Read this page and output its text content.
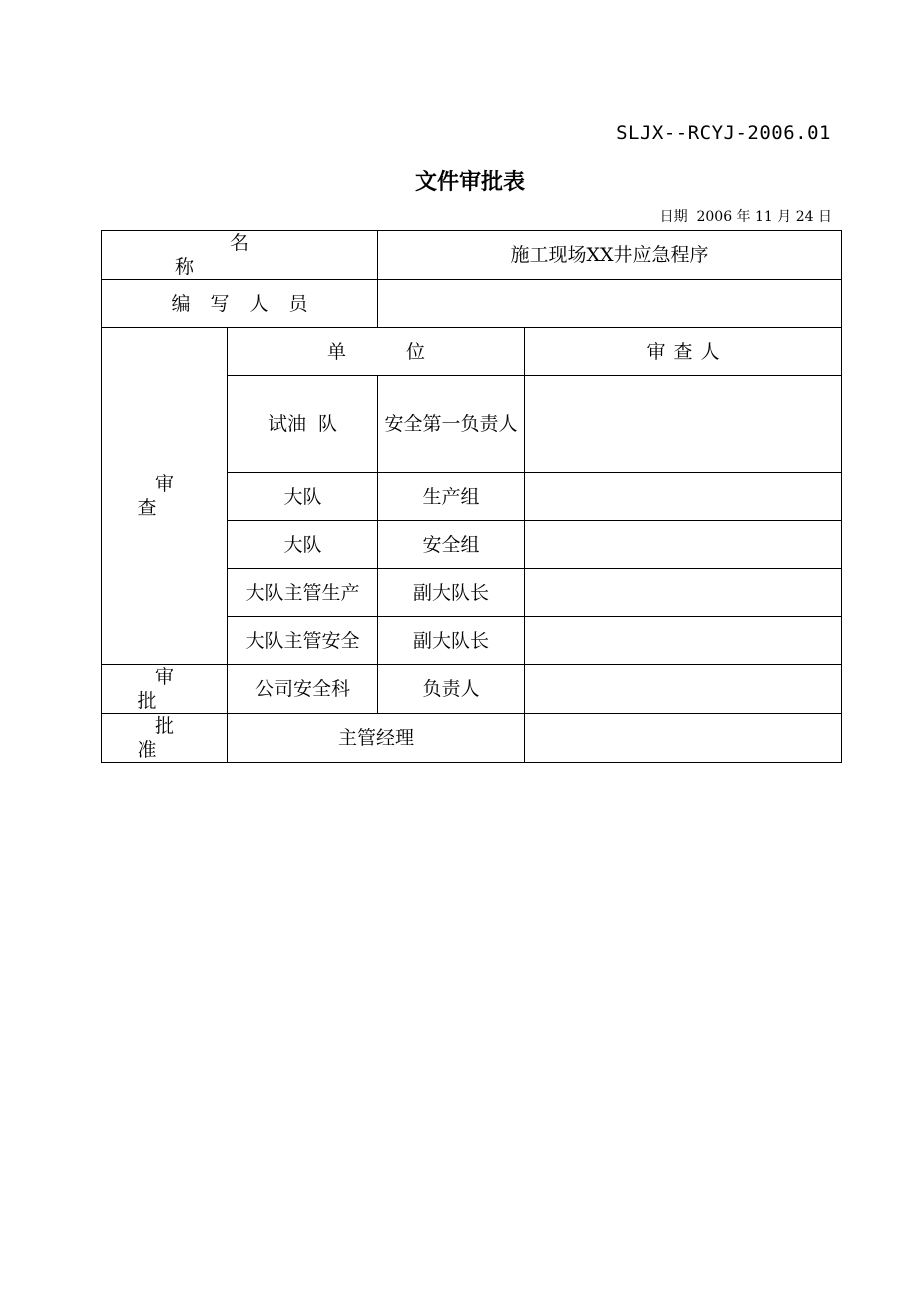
SLJX--RCYJ-2006.01
文件审批表
日期  2006 年 11 月 24 日
名称		施工现场XX井应急程序	
编写人员			
审查	单位		审查人
	试油  队	安全第一负责人	
	大队	生产组	
	大队	安全组	
	大队主管生产	副大队长	
	大队主管安全	副大队长	
审批	公司安全科	负责人	
批准	主管经理		
